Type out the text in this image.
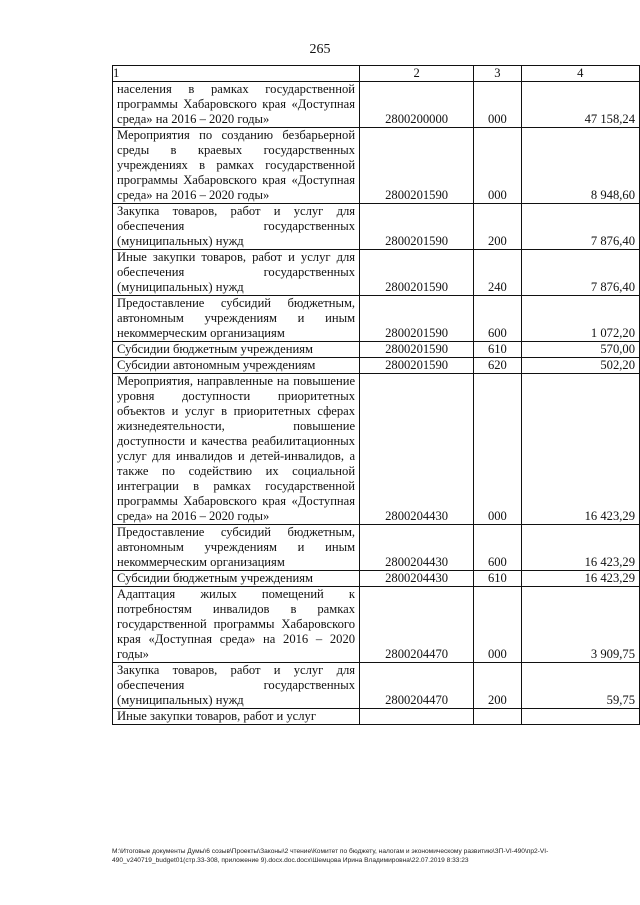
265
1	2	3	4
населения в рамках государственной программы Хабаровского края «Доступная среда» на 2016 – 2020 годы»	2800200000	000	47 158,24
Мероприятия по созданию безбарьерной среды в краевых государственных учреждениях в рамках государственной программы Хабаровского края «Доступная среда» на 2016 – 2020 годы»	2800201590	000	8 948,60
Закупка товаров, работ и услуг для обеспечения государственных (муниципальных) нужд	2800201590	200	7 876,40
Иные закупки товаров, работ и услуг для обеспечения государственных (муниципальных) нужд	2800201590	240	7 876,40
Предоставление субсидий бюджетным, автономным учреждениям и иным некоммерческим организациям	2800201590	600	1 072,20
Субсидии бюджетным учреждениям	2800201590	610	570,00
Субсидии автономным учреждениям	2800201590	620	502,20
Мероприятия, направленные на повышение уровня доступности приоритетных объектов и услуг в приоритетных сферах жизнедеятельности, повышение доступности и качества реабилитационных услуг для инвалидов и детей-инвалидов, а также по содействию их социальной интеграции в рамках государственной программы Хабаровского края «Доступная среда» на 2016 – 2020 годы»	2800204430	000	16 423,29
Предоставление субсидий бюджетным, автономным учреждениям и иным некоммерческим организациям	2800204430	600	16 423,29
Субсидии бюджетным учреждениям	2800204430	610	16 423,29
Адаптация жилых помещений к потребностям инвалидов в рамках государственной программы Хабаровского края «Доступная среда» на 2016 – 2020 годы»	2800204470	000	3 909,75
Закупка товаров, работ и услуг для обеспечения государственных (муниципальных) нужд	2800204470	200	59,75
Иные закупки товаров, работ и услуг			
M:\Итоговые документы Думы\6 созыв\Проекты\Законы\2 чтение\Комитет по бюджету, налогам и экономическому развитию\ЗП-VI-490\пр2-VI-
490_v240719_budget01(стр.33-308, приложение 9).docx.doc.docx\Шемцова Ирина Владимировна\22.07.2019 8:33:23
